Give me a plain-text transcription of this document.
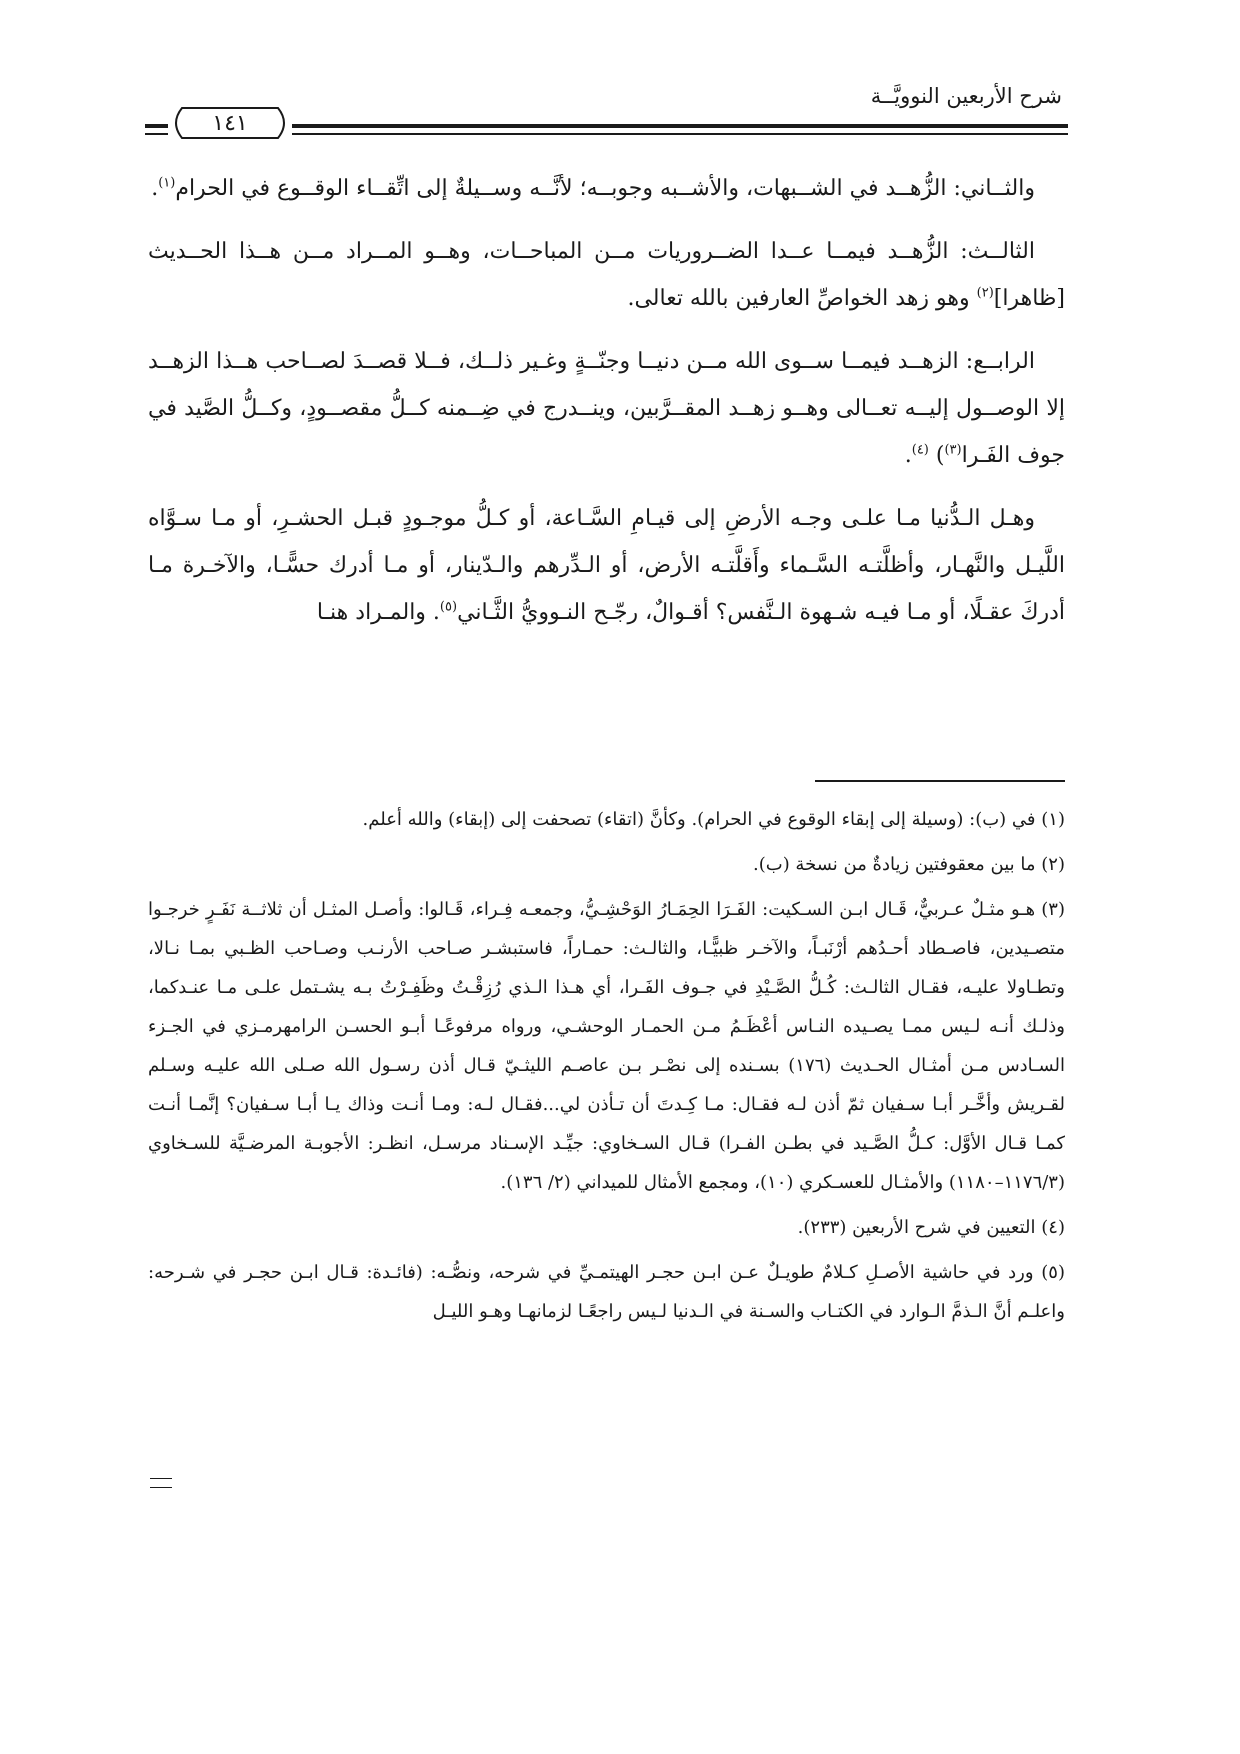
شرح الأربعين النوويَّــة
١٤١

والثــاني: الزُّهــد في الشــبهات، والأشــبه وجوبــه؛ لأنَّــه وســيلةٌ إلى اتِّقــاء الوقــوع في الحرام$^{(١)}$.

الثالــث: الزُّهــد فيمــا عــدا الضــروريات مــن المباحــات، وهــو المــراد مــن هــذا الحــديث [ظاهرا]$^{(٢)}$ وهو زهد الخواصِّ العارفين بالله تعالى.

الرابــع: الزهــد فيمــا ســوى الله مــن دنيــا وجنّــةٍ وغـير ذلــك، فــلا قصــدَ لصــاحب هــذا الزهــد إلا الوصــول إليــه تعــالى وهــو زهــد المقــرَّبين، وينــدرج في ضِــمنه كــلُّ مقصــودٍ، وكــلُّ الصَّيد في جوف الفَـرا$^{(٣)}$) $^{(٤)}$.

وهـل الـدُّنيا مـا علـى وجـه الأرضِ إلى قيـامِ السَّـاعة، أو كـلُّ موجـودٍ قبـل الحشـرِ، أو مـا سـوَّاه اللَّيـل والنَّهـار، وأظلَّتـه السَّـماء وأَقلَّتـه الأرض، أو الـدِّرهم والـدّينار، أو مـا أدرك حسًّـا، والآخـرة مـا أدركَ عقـلًا، أو مـا فيـه شـهوة الـنَّفس؟ أقـوالٌ، رجّـح النـوويُّ الثَّـاني$^{(٥)}$. والمـراد هنـا

(١) في (ب): (وسيلة إلى إبقاء الوقوع في الحرام). وكأنَّ (اتقاء) تصحفت إلى (إبقاء) والله أعلم.

(٢) ما بين معقوفتين زيادةٌ من نسخة (ب).

(٣) هـو مثـلٌ عـربيٌّ، قَـال ابـن السـكيت: الفَـرَا الحِمَـارُ الوَحْشِـيُّ، وجمعـه فِـراء، قَـالوا: وأصـل المثـل أن ثلاثــة نَفَـرٍ خرجـوا متصـيدين، فاصـطاد أحـدُهم أرْنَبـاً، والآخـر ظبيًّـا، والثالـث: حمـاراً، فاستبشـر صـاحب الأرنـب وصـاحب الظـبي بمـا نـالا، وتطـاولا عليـه، فقـال الثالـث: كُـلُّ الصَّـيْدِ في جـوف الفَـرا، أي هـذا الـذي رُزِقْـتُ وظَفِـرْتُ بـه يشـتمل علـى مـا عنـدكما، وذلـك أنـه لـيس ممـا يصـيده النـاس أعْظَـمُ مـن الحمـار الوحشـي، ورواه مرفوعًـا أبـو الحسـن الرامهرمـزي في الجـزء السـادس مـن أمثـال الحـديث (١٧٦) بسـنده إلى نصْـر بـن عاصـم الليثـيّ قـال أذن رسـول الله صـلى الله عليـه وسـلم لقـريش وأخَّـر أبـا سـفيان ثمّ أذن لـه فقـال: مـا كِـدتَ أن تـأذن لي...فقـال لـه: ومـا أنـت وذاك يـا أبـا سـفيان؟ إنَّمـا أنـت كمـا قـال الأوَّل: كـلُّ الصَّـيد في بطـن الفـرا) قـال السـخاوي: جيِّـد الإسـناد مرسـل، انظـر: الأجوبـة المرضـيَّة للسـخاوي (١١٧٦/٣–١١٨٠) والأمثـال للعسـكري (١٠)، ومجمع الأمثال للميداني (٢/ ١٣٦).

(٤) التعيين في شرح الأربعين (٢٣٣).

(٥) ورد في حاشية الأصـلِ كـلامٌ طويـلٌ عـن ابـن حجـر الهيتمـيِّ في شرحه، ونصُّـه: (فائـدة: قـال ابـن حجـر في شـرحه: واعلـم أنَّ الـذمَّ الـوارد في الكتـاب والسـنة في الـدنيا لـيس راجعًـا لزمانهـا وهـو الليـل
